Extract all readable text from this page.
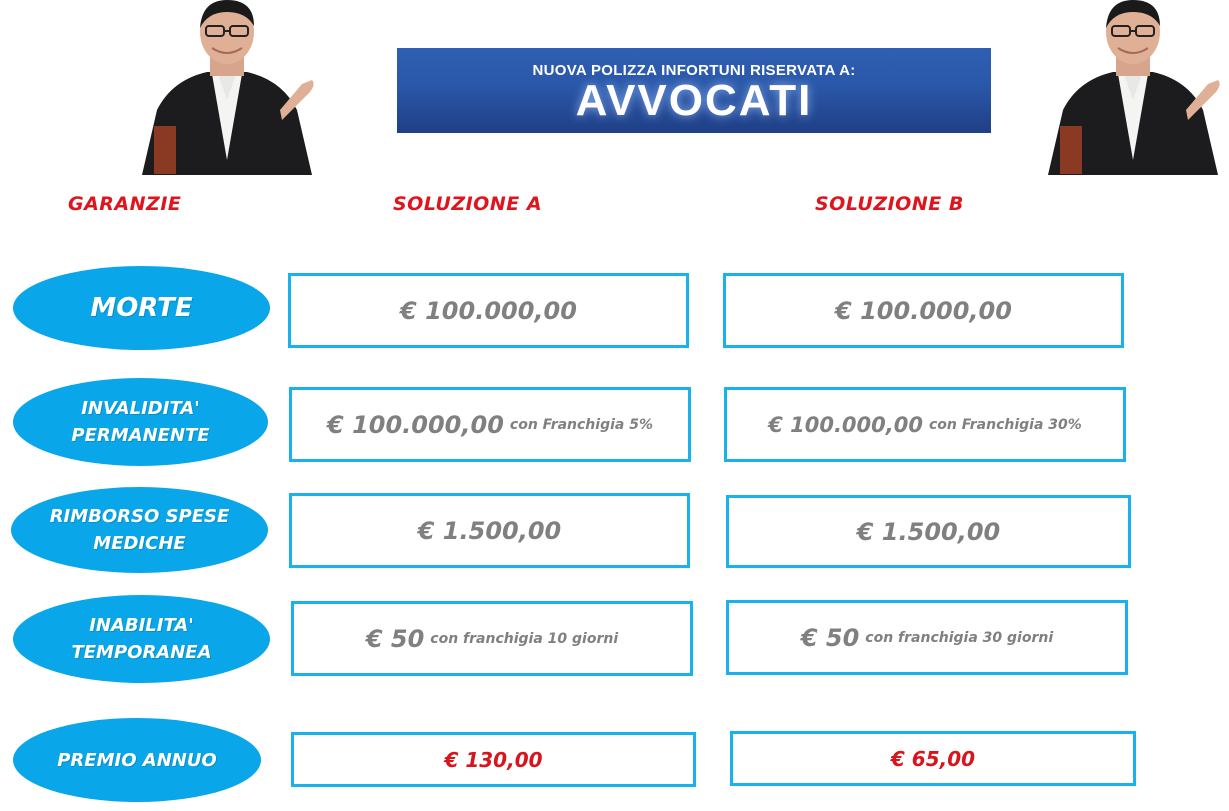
NUOVA POLIZZA INFORTUNI RISERVATA A:
AVVOCATI
GARANZIE	SOLUZIONE A	SOLUZIONE B
MORTE	€ 100.000,00	€ 100.000,00
INVALIDITA'
PERMANENTE	€ 100.000,00 con Franchigia 5%	€ 100.000,00 con Franchigia 30%
RIMBORSO SPESE
MEDICHE	€ 1.500,00	€ 1.500,00
INABILITA'
TEMPORANEA	€ 50 con franchigia 10 giorni	€ 50 con franchigia 30 giorni
PREMIO ANNUO	€ 130,00	€ 65,00
